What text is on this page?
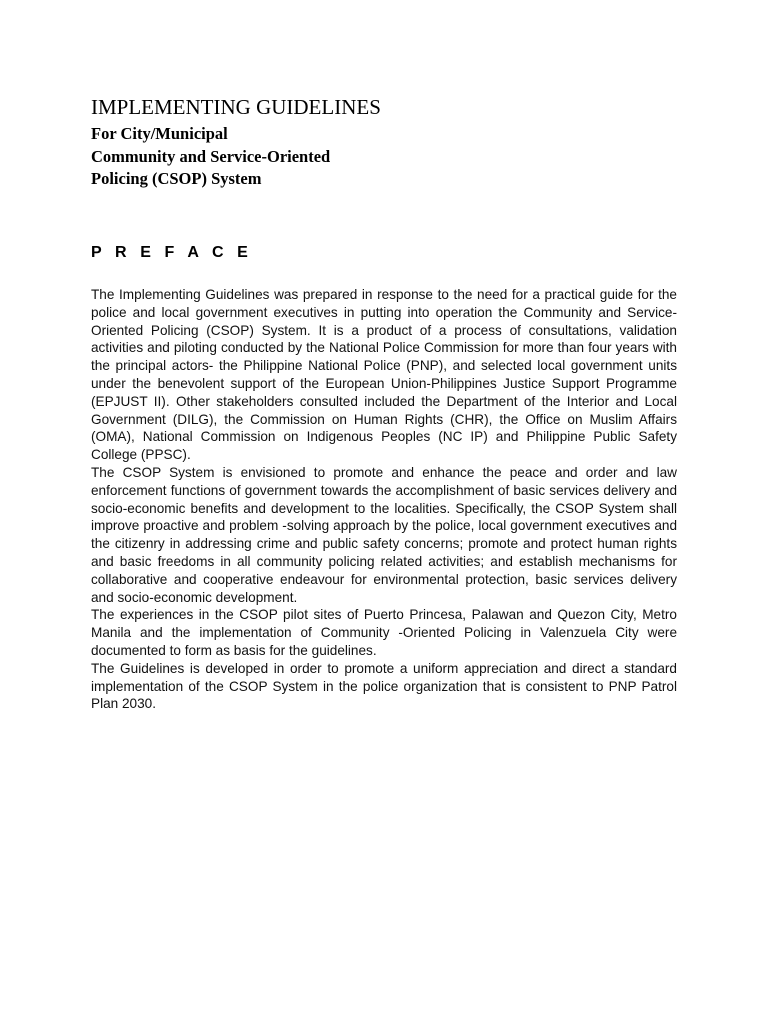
IMPLEMENTING GUIDELINES
For City/Municipal
Community and Service-Oriented
Policing (CSOP) System
P R E F A C E

The Implementing Guidelines was prepared in response to the need for a practical guide for the police and local government executives in putting into operation the Community and Service-Oriented Policing (CSOP) System. It is a product of a process of consultations, validation activities and piloting conducted by the National Police Commission for more than four years with the principal actors- the Philippine National Police (PNP), and selected local government units under the benevolent support of the European Union-Philippines Justice Support Programme (EPJUST II). Other stakeholders consulted included the Department of the Interior and Local Government (DILG), the Commission on Human Rights (CHR), the Office on Muslim Affairs (OMA), National Commission on Indigenous Peoples (NC IP) and Philippine Public Safety College (PPSC).

The CSOP System is envisioned to promote and enhance the peace and order and law enforcement functions of government towards the accomplishment of basic services delivery and socio-economic benefits and development to the localities. Specifically, the CSOP System shall improve proactive and problem -solving approach by the police, local government executives and the citizenry in addressing crime and public safety concerns; promote and protect human rights and basic freedoms in all community policing related activities; and establish mechanisms for collaborative and cooperative endeavour for environmental protection, basic services delivery and socio-economic development.

The experiences in the CSOP pilot sites of Puerto Princesa, Palawan and Quezon City, Metro Manila and the implementation of Community -Oriented Policing in Valenzuela City were documented to form as basis for the guidelines.

The Guidelines is developed in order to promote a uniform appreciation and direct a standard implementation of the CSOP System in the police organization that is consistent to PNP Patrol Plan 2030.
